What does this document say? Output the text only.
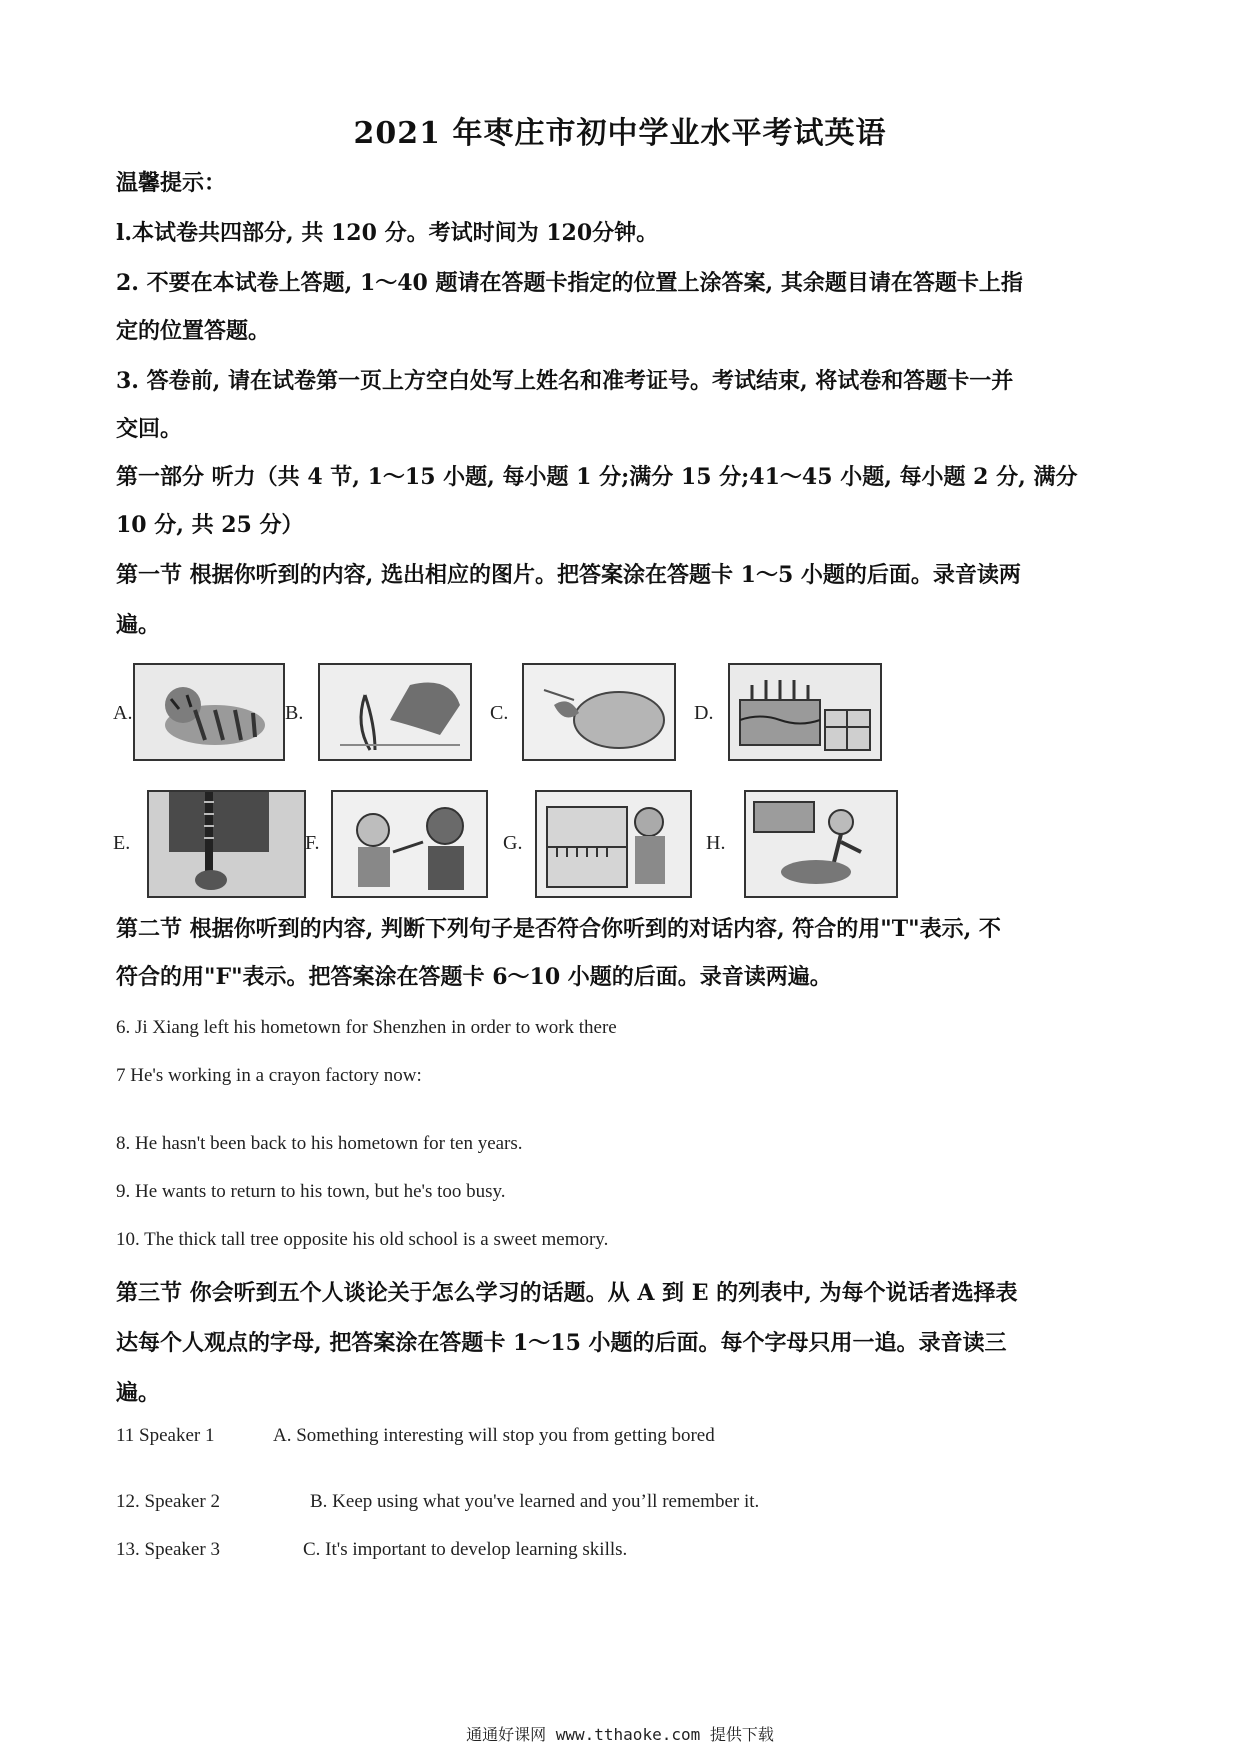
2021 年枣庄市初中学业水平考试英语
温馨提示：
l.本试卷共四部分, 共 120 分。考试时间为 120分钟。
2. 不要在本试卷上答题, 1～40 题请在答题卡指定的位置上涂答案, 其余题目请在答题卡上指
定的位置答题。
3. 答卷前, 请在试卷第一页上方空白处写上姓名和准考证号。考试结束, 将试卷和答题卡一并
交回。
第一部分 听力（共 4 节, 1～15 小题, 每小题 1 分;满分 15 分;41～45 小题, 每小题 2 分, 满分
10 分, 共 25 分）
第一节 根据你听到的内容, 选出相应的图片。把答案涂在答题卡 1～5 小题的后面。录音读两
遍。
A.	B.	C.	D.
E.	F.	G.	H.
第二节 根据你听到的内容, 判断下列句子是否符合你听到的对话内容, 符合的用"T"表示, 不
符合的用"F"表示。把答案涂在答题卡 6～10 小题的后面。录音读两遍。
6. Ji Xiang left his hometown for Shenzhen in order to work there
7 He's working in a crayon factory now:
8. He hasn't been back to his hometown for ten years.
9. He wants to return to his town, but he's too busy.
10. The thick tall tree opposite his old school is a sweet memory.
第三节 你会听到五个人谈论关于怎么学习的话题。从 A 到 E 的列表中, 为每个说话者选择表
达每个人观点的字母, 把答案涂在答题卡 1～15 小题的后面。每个字母只用一追。录音读三
遍。
11 Speaker 1	A. Something interesting will stop you from getting bored
12. Speaker 2	B. Keep using what you've learned and you’ll remember it.
13. Speaker 3	C. It's important to develop learning skills.
通通好课网 www.tthaoke.com 提供下载
